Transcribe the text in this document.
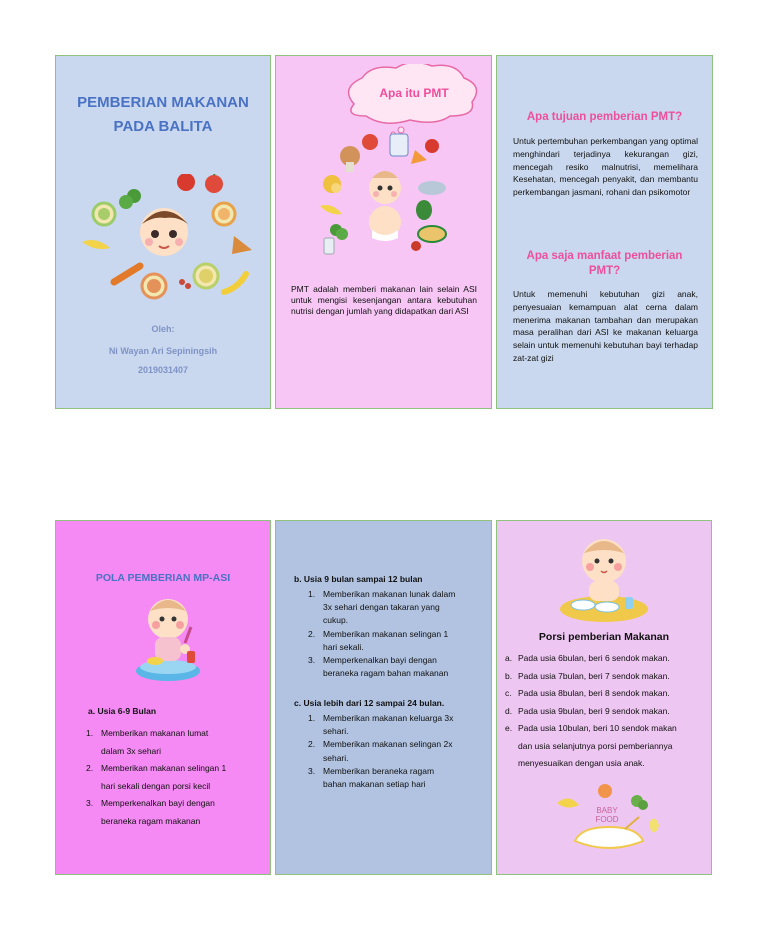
PEMBERIAN MAKANAN
PADA BALITA
Oleh:
Ni Wayan Ari Sepiningsih
2019031407
Apa itu PMT
PMT adalah memberi makanan lain selain ASI untuk mengisi kesenjangan antara kebutuhan nutrisi dengan jumlah yang didapatkan dari ASI
Apa tujuan pemberian PMT?
Untuk pertembuhan perkembangan yang optimal menghindari terjadinya kekurangan gizi, mencegah resiko malnutrisi, memelihara Kesehatan, mencegah penyakit, dan membantu perkembangan jasmani, rohani dan psikomotor
Apa saja manfaat pemberian
PMT?
Untuk memenuhi kebutuhan gizi anak, penyesuaian kemampuan alat cerna dalam menerima makanan tambahan dan merupakan masa peralihan dari ASI ke makanan keluarga selain untuk memenuhi kebutuhan bayi terhadap zat-zat gizi
POLA PEMBERIAN MP-ASI
a. Usia 6-9 Bulan
1. Memberikan makanan lumat
dalam 3x sehari
2. Memberikan makanan selingan 1
hari sekali dengan porsi kecil
3. Memperkenalkan bayi dengan
beraneka ragam makanan
b. Usia 9 bulan sampai 12 bulan
1. Memberikan makanan lunak dalam
3x sehari dengan takaran yang
cukup.
2. Memberikan makanan selingan 1
hari sekali.
3. Memperkenalkan bayi dengan
beraneka ragam bahan makanan
c. Usia lebih dari 12 sampai 24 bulan.
1. Memberikan makanan keluarga 3x
sehari.
2. Memberikan makanan selingan 2x
sehari.
3. Memberikan beraneka ragam
bahan makanan setiap hari
Porsi pemberian Makanan
a. Pada usia 6bulan, beri 6 sendok makan.
b. Pada usia 7bulan, beri 7 sendok makan.
c. Pada usia 8bulan, beri 8 sendok makan.
d. Pada usia 9bulan, beri 9 sendok makan.
e. Pada usia 10bulan, beri 10 sendok makan
dan usia selanjutnya porsi pemberiannya
menyesuaikan dengan usia anak.
BABY
FOOD
